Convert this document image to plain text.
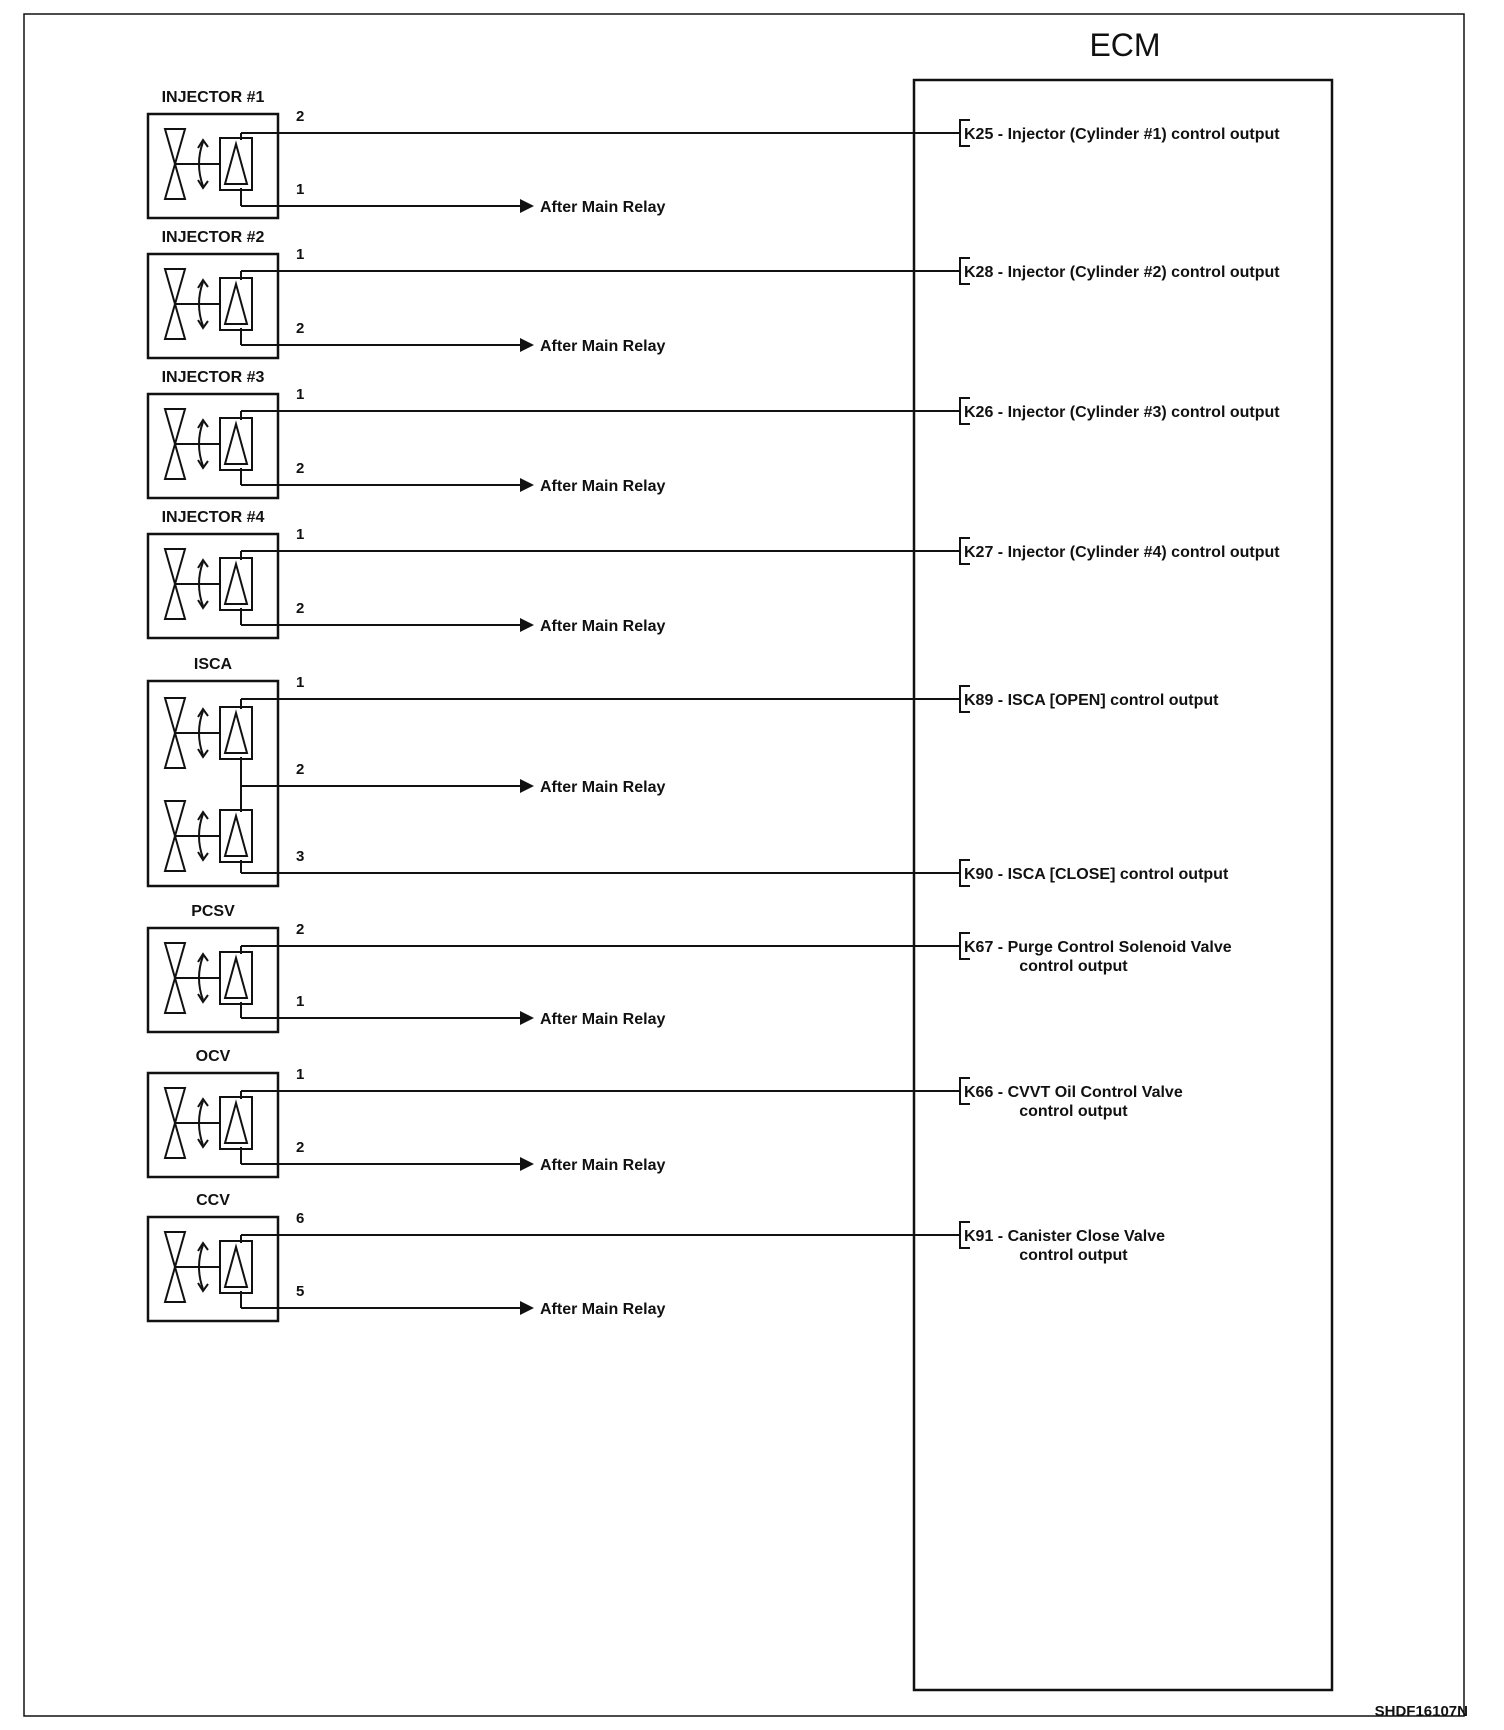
ECM
INJECTOR #1
2
K25 - Injector (Cylinder #1) control output
1
After Main Relay
INJECTOR #2
1
K28 - Injector (Cylinder #2) control output
2
After Main Relay
INJECTOR #3
1
K26 - Injector (Cylinder #3) control output
2
After Main Relay
INJECTOR #4
1
K27 - Injector (Cylinder #4) control output
2
After Main Relay
ISCA
1
K89 - ISCA [OPEN] control output
2
After Main Relay
3
K90 - ISCA [CLOSE] control output
PCSV
2
K67 - Purge Control Solenoid Valve
control output
1
After Main Relay
OCV
1
K66 - CVVT Oil Control Valve
control output
2
After Main Relay
CCV
6
K91 - Canister Close Valve
control output
5
After Main Relay
SHDF16107N
